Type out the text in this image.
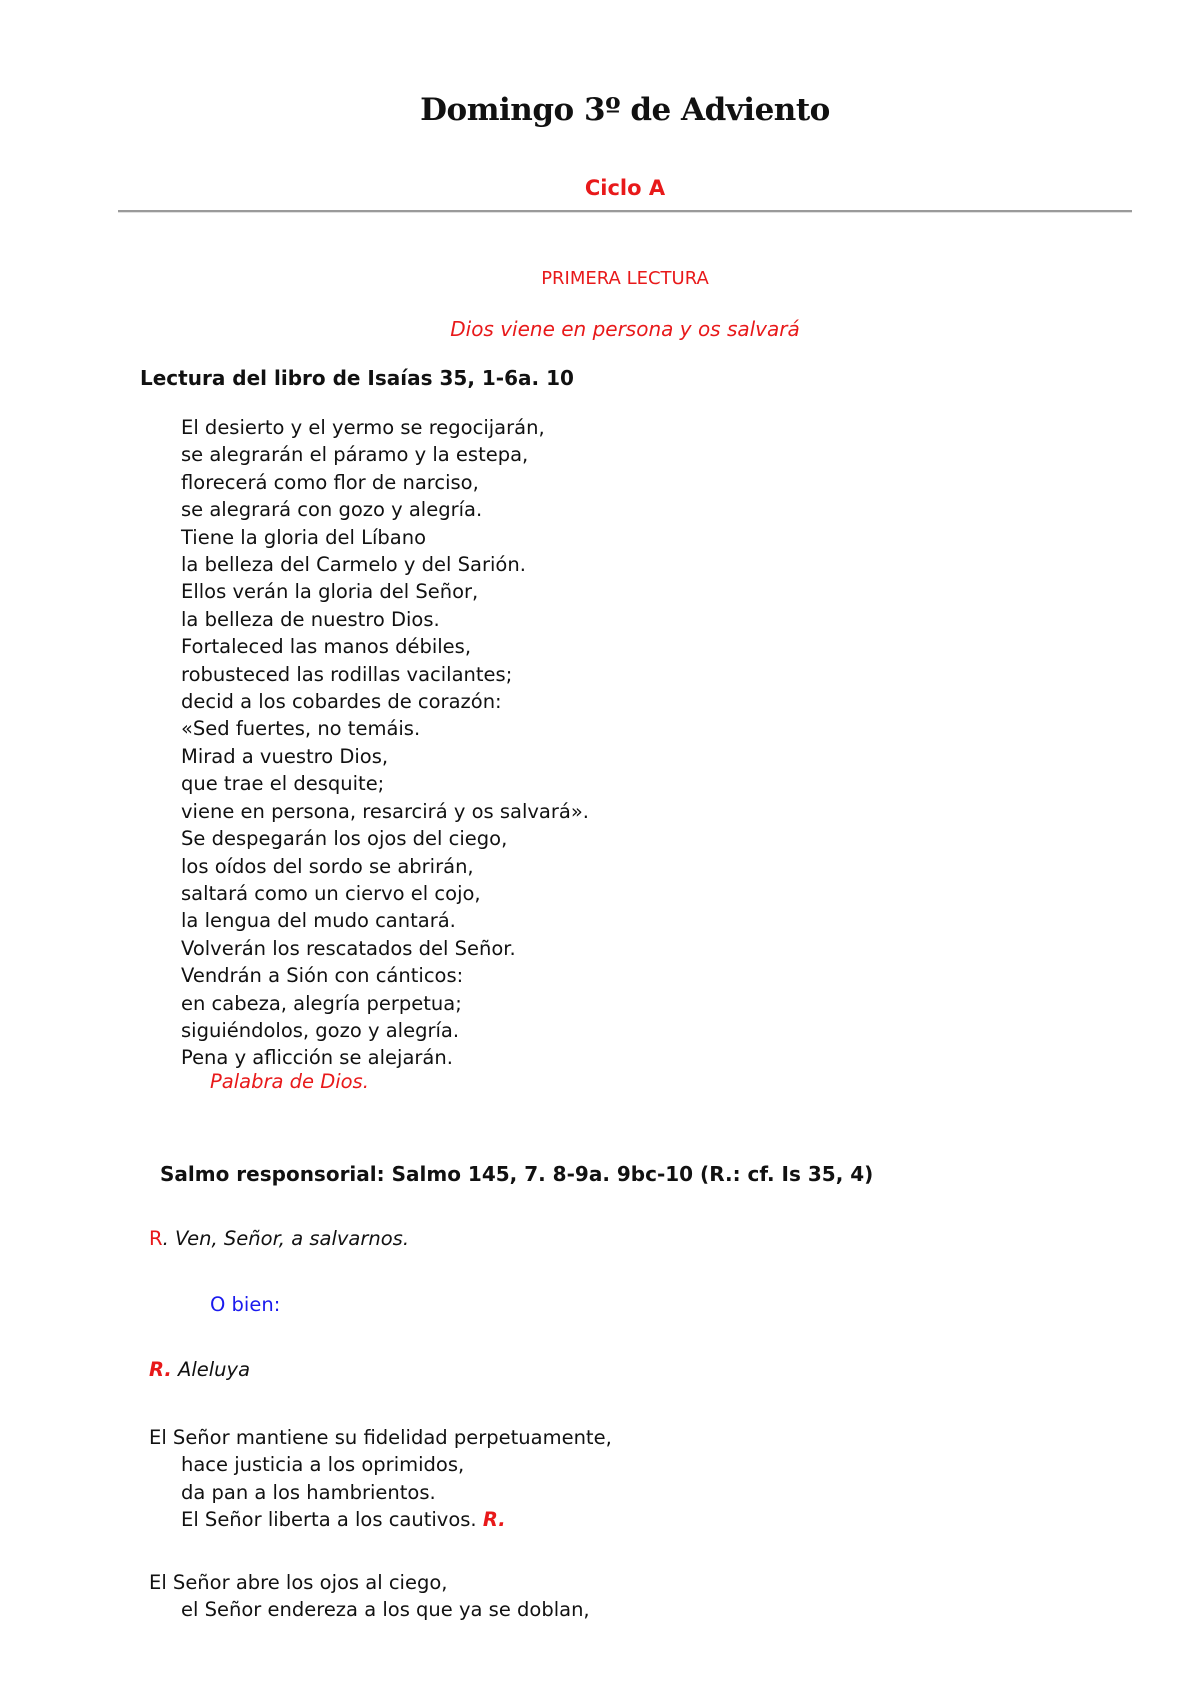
Domingo 3º de Adviento
Ciclo A
PRIMERA LECTURA
Dios viene en persona y os salvará
Lectura del libro de Isaías 35, 1-6a. 10
El desierto y el yermo se regocijarán,
se alegrarán el páramo y la estepa,
florecerá como flor de narciso,
se alegrará con gozo y alegría.
Tiene la gloria del Líbano
la belleza del Carmelo y del Sarión.
Ellos verán la gloria del Señor,
la belleza de nuestro Dios.
Fortaleced las manos débiles,
robusteced las rodillas vacilantes;
decid a los cobardes de corazón:
«Sed fuertes, no temáis.
Mirad a vuestro Dios,
que trae el desquite;
viene en persona, resarcirá y os salvará».
Se despegarán los ojos del ciego,
los oídos del sordo se abrirán,
saltará como un ciervo el cojo,
la lengua del mudo cantará.
Volverán los rescatados del Señor.
Vendrán a Sión con cánticos:
en cabeza, alegría perpetua;
siguiéndolos, gozo y alegría.
Pena y aflicción se alejarán.
Palabra de Dios.
Salmo responsorial: Salmo 145, 7. 8-9a. 9bc-10 (R.: cf. Is 35, 4)
R. Ven, Señor, a salvarnos.
O bien:
R. Aleluya
El Señor mantiene su fidelidad perpetuamente,
hace justicia a los oprimidos,
da pan a los hambrientos.
El Señor liberta a los cautivos. R.
El Señor abre los ojos al ciego,
el Señor endereza a los que ya se doblan,
